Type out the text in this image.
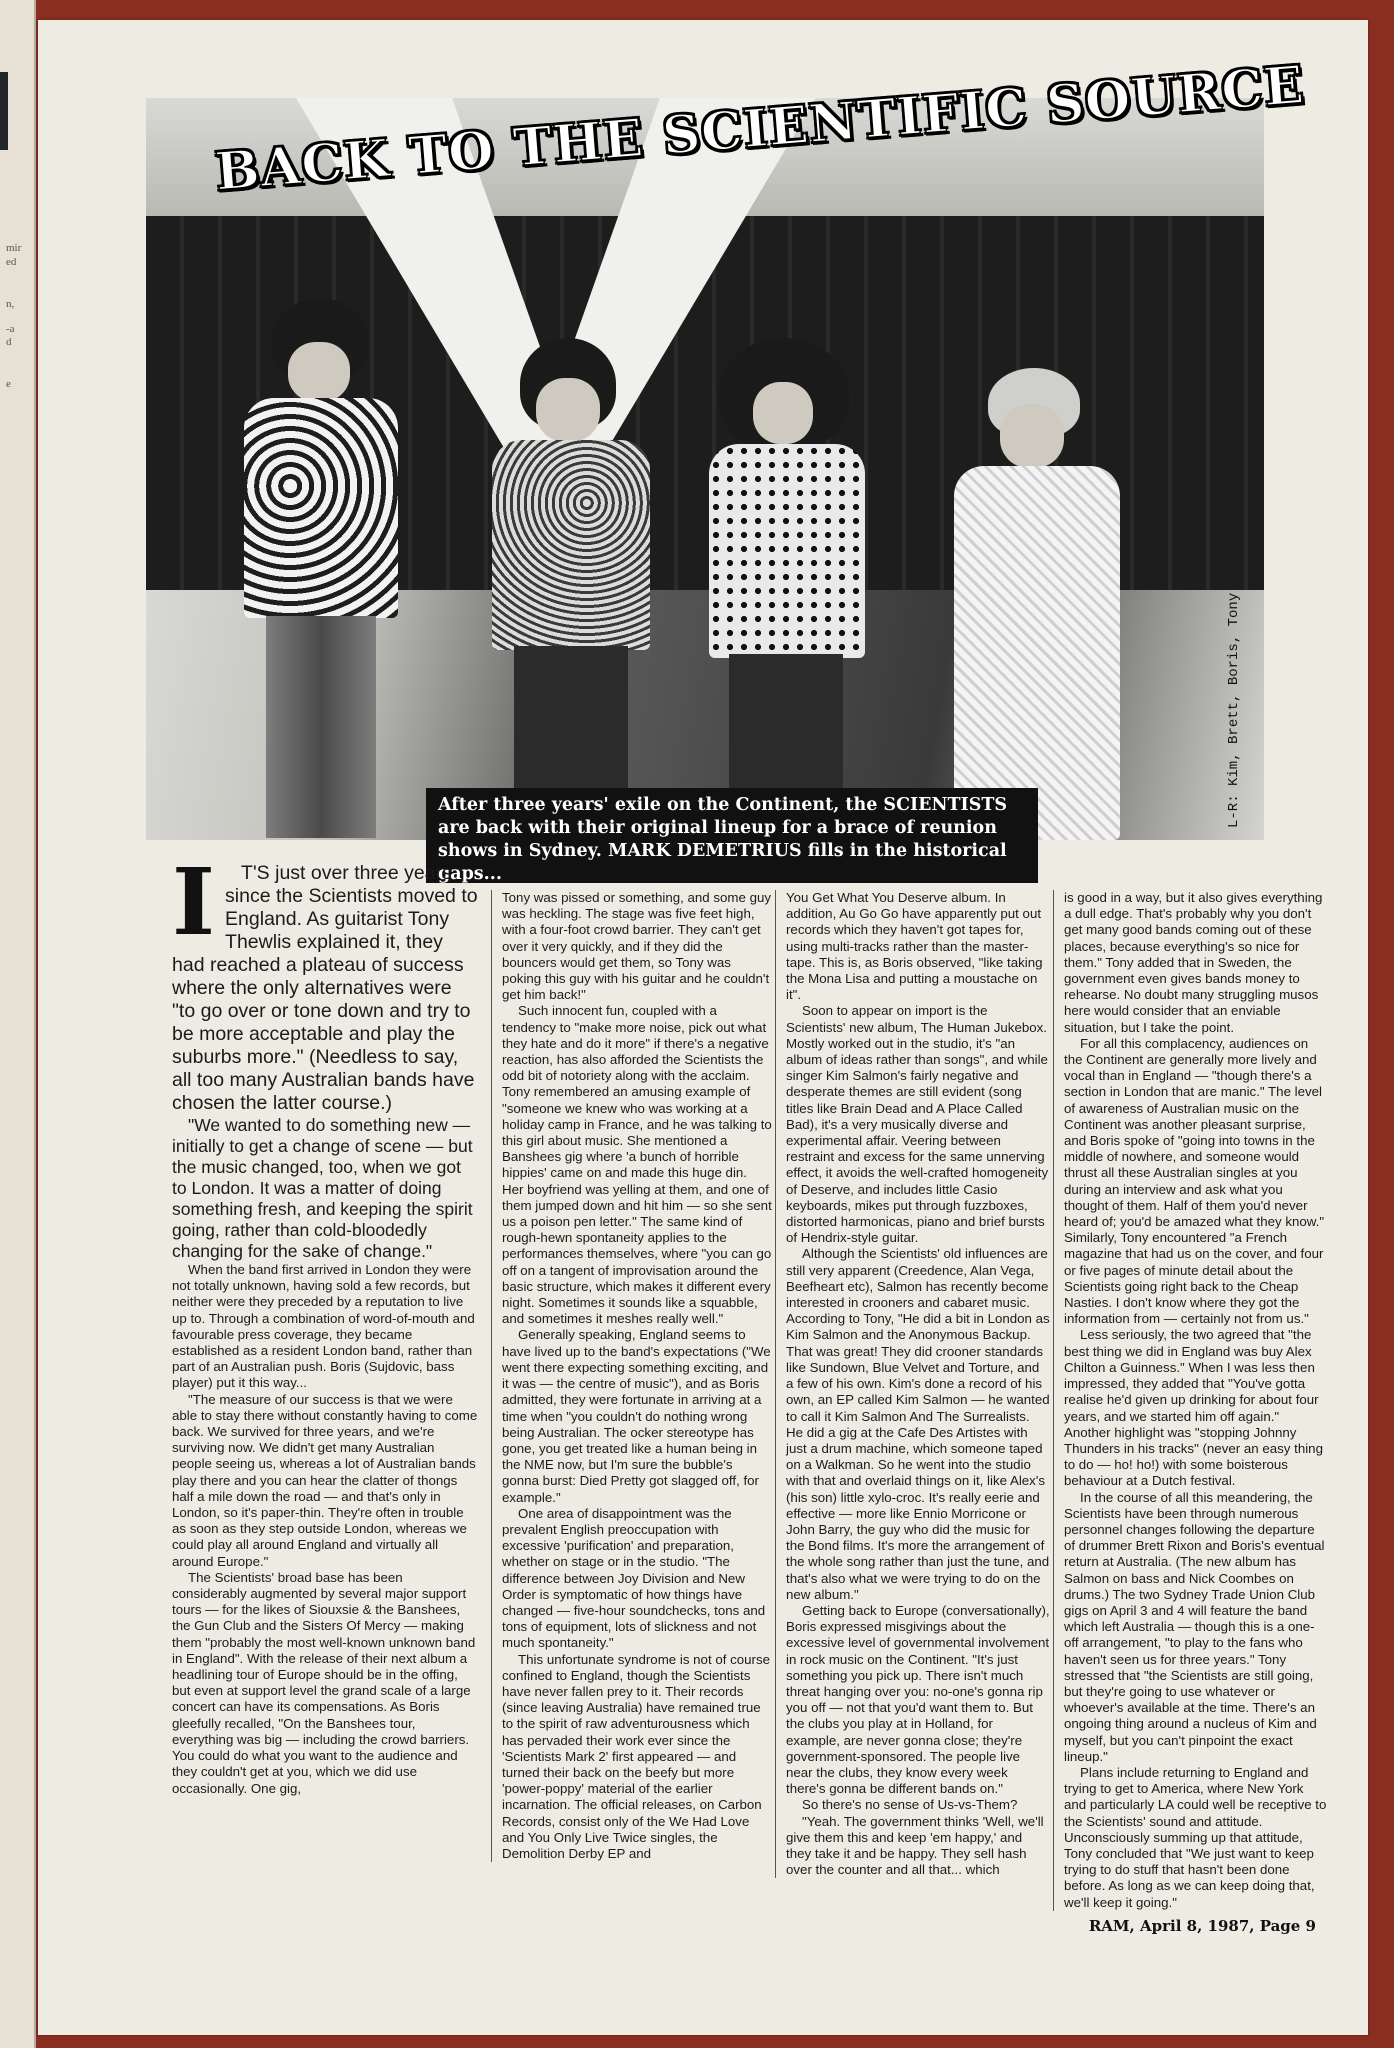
mir
ed
n,
-a
d
e
L-R: Kim, Brett, Boris, Tony
BACK TO THE SCIENTIFIC SOURCE
After three years' exile on the Continent, the SCIENTISTS are back with their original lineup for a brace of reunion shows in Sydney. MARK DEMETRIUS fills in the historical gaps...
I	T'S just over three years since the Scientists moved to England. As guitarist Tony Thewlis explained it, they had reached a plateau of success where the only alternatives were "to go over or tone down and try to be more acceptable and play the suburbs more." (Needless to say, all too many Australian bands have chosen the latter course.)

"We wanted to do something new — initially to get a change of scene — but the music changed, too, when we got to London. It was a matter of doing something fresh, and keeping the spirit going, rather than cold-bloodedly changing for the sake of change."

When the band first arrived in London they were not totally unknown, having sold a few records, but neither were they preceded by a reputation to live up to. Through a combination of word-of-mouth and favourable press coverage, they became established as a resident London band, rather than part of an Australian push. Boris (Sujdovic, bass player) put it this way...

"The measure of our success is that we were able to stay there without constantly having to come back. We survived for three years, and we're surviving now. We didn't get many Australian people seeing us, whereas a lot of Australian bands play there and you can hear the clatter of thongs half a mile down the road — and that's only in London, so it's paper-thin. They're often in trouble as soon as they step outside London, whereas we could play all around England and virtually all around Europe."

The Scientists' broad base has been considerably augmented by several major support tours — for the likes of Siouxsie & the Banshees, the Gun Club and the Sisters Of Mercy — making them "probably the most well-known unknown band in England". With the release of their next album a headlining tour of Europe should be in the offing, but even at support level the grand scale of a large concert can have its compensations. As Boris gleefully recalled, "On the Banshees tour, everything was big — including the crowd barriers. You could do what you want to the audience and they couldn't get at you, which we did use occasionally. One gig,

Tony was pissed or something, and some guy was heckling. The stage was five feet high, with a four-foot crowd barrier. They can't get over it very quickly, and if they did the bouncers would get them, so Tony was poking this guy with his guitar and he couldn't get him back!"

Such innocent fun, coupled with a tendency to "make more noise, pick out what they hate and do it more" if there's a negative reaction, has also afforded the Scientists the odd bit of notoriety along with the acclaim. Tony remembered an amusing example of "someone we knew who was working at a holiday camp in France, and he was talking to this girl about music. She mentioned a Banshees gig where 'a bunch of horrible hippies' came on and made this huge din. Her boyfriend was yelling at them, and one of them jumped down and hit him — so she sent us a poison pen letter." The same kind of rough-hewn spontaneity applies to the performances themselves, where "you can go off on a tangent of improvisation around the basic structure, which makes it different every night. Sometimes it sounds like a squabble, and sometimes it meshes really well."

Generally speaking, England seems to have lived up to the band's expectations ("We went there expecting something exciting, and it was — the centre of music"), and as Boris admitted, they were fortunate in arriving at a time when "you couldn't do nothing wrong being Australian. The ocker stereotype has gone, you get treated like a human being in the NME now, but I'm sure the bubble's gonna burst: Died Pretty got slagged off, for example."

One area of disappointment was the prevalent English preoccupation with excessive 'purification' and preparation, whether on stage or in the studio. "The difference between Joy Division and New Order is symptomatic of how things have changed — five-hour soundchecks, tons and tons of equipment, lots of slickness and not much spontaneity."

This unfortunate syndrome is not of course confined to England, though the Scientists have never fallen prey to it. Their records (since leaving Australia) have remained true to the spirit of raw adventurousness which has pervaded their work ever since the 'Scientists Mark 2' first appeared — and turned their back on the beefy but more 'power-poppy' material of the earlier incarnation. The official releases, on Carbon Records, consist only of the We Had Love and You Only Live Twice singles, the Demolition Derby EP and

You Get What You Deserve album. In addition, Au Go Go have apparently put out records which they haven't got tapes for, using multi-tracks rather than the master-tape. This is, as Boris observed, "like taking the Mona Lisa and putting a moustache on it".

Soon to appear on import is the Scientists' new album, The Human Jukebox. Mostly worked out in the studio, it's "an album of ideas rather than songs", and while singer Kim Salmon's fairly negative and desperate themes are still evident (song titles like Brain Dead and A Place Called Bad), it's a very musically diverse and experimental affair. Veering between restraint and excess for the same unnerving effect, it avoids the well-crafted homogeneity of Deserve, and includes little Casio keyboards, mikes put through fuzzboxes, distorted harmonicas, piano and brief bursts of Hendrix-style guitar.

Although the Scientists' old influences are still very apparent (Creedence, Alan Vega, Beefheart etc), Salmon has recently become interested in crooners and cabaret music. According to Tony, "He did a bit in London as Kim Salmon and the Anonymous Backup. That was great! They did crooner standards like Sundown, Blue Velvet and Torture, and a few of his own. Kim's done a record of his own, an EP called Kim Salmon — he wanted to call it Kim Salmon And The Surrealists. He did a gig at the Cafe Des Artistes with just a drum machine, which someone taped on a Walkman. So he went into the studio with that and overlaid things on it, like Alex's (his son) little xylo-croc. It's really eerie and effective — more like Ennio Morricone or John Barry, the guy who did the music for the Bond films. It's more the arrangement of the whole song rather than just the tune, and that's also what we were trying to do on the new album."

Getting back to Europe (conversationally), Boris expressed misgivings about the excessive level of governmental involvement in rock music on the Continent. "It's just something you pick up. There isn't much threat hanging over you: no-one's gonna rip you off — not that you'd want them to. But the clubs you play at in Holland, for example, are never gonna close; they're government-sponsored. The people live near the clubs, they know every week there's gonna be different bands on."

So there's no sense of Us-vs-Them?

"Yeah. The government thinks 'Well, we'll give them this and keep 'em happy,' and they take it and be happy. They sell hash over the counter and all that... which

is good in a way, but it also gives everything a dull edge. That's probably why you don't get many good bands coming out of these places, because everything's so nice for them." Tony added that in Sweden, the government even gives bands money to rehearse. No doubt many struggling musos here would consider that an enviable situation, but I take the point.

For all this complacency, audiences on the Continent are generally more lively and vocal than in England — "though there's a section in London that are manic." The level of awareness of Australian music on the Continent was another pleasant surprise, and Boris spoke of "going into towns in the middle of nowhere, and someone would thrust all these Australian singles at you during an interview and ask what you thought of them. Half of them you'd never heard of; you'd be amazed what they know." Similarly, Tony encountered "a French magazine that had us on the cover, and four or five pages of minute detail about the Scientists going right back to the Cheap Nasties. I don't know where they got the information from — certainly not from us."

Less seriously, the two agreed that "the best thing we did in England was buy Alex Chilton a Guinness." When I was less then impressed, they added that "You've gotta realise he'd given up drinking for about four years, and we started him off again." Another highlight was "stopping Johnny Thunders in his tracks" (never an easy thing to do — ho! ho!) with some boisterous behaviour at a Dutch festival.

In the course of all this meandering, the Scientists have been through numerous personnel changes following the departure of drummer Brett Rixon and Boris's eventual return at Australia. (The new album has Salmon on bass and Nick Coombes on drums.) The two Sydney Trade Union Club gigs on April 3 and 4 will feature the band which left Australia — though this is a one-off arrangement, "to play to the fans who haven't seen us for three years." Tony stressed that "the Scientists are still going, but they're going to use whatever or whoever's available at the time. There's an ongoing thing around a nucleus of Kim and myself, but you can't pinpoint the exact lineup."

Plans include returning to England and trying to get to America, where New York and particularly LA could well be receptive to the Scientists' sound and attitude. Unconsciously summing up that attitude, Tony concluded that "We just want to keep trying to do stuff that hasn't been done before. As long as we can keep doing that, we'll keep it going."

RAM, April 8, 1987, Page 9
